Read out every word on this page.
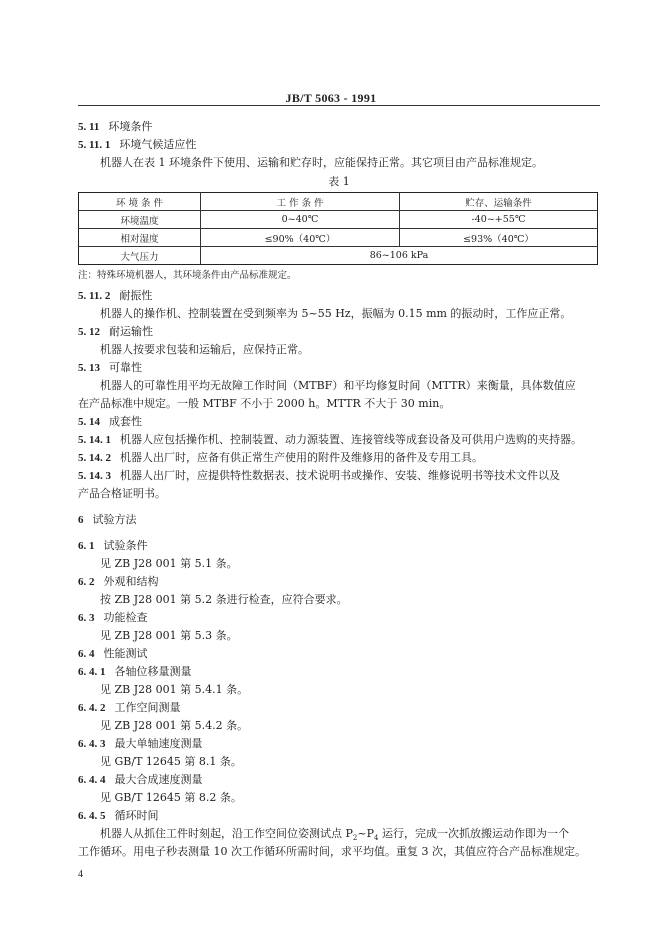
JB/T 5063 - 1991
5. 11 环境条件
5. 11. 1 环境气候适应性
机器人在表 1 环境条件下使用、运输和贮存时，应能保持正常。其它项目由产品标准规定。
表 1
环 境 条 件	工 作 条 件	贮存、运输条件
环境温度	0~40℃	-40~+55℃
相对湿度	≤90%（40℃）	≤93%（40℃）
大气压力	86~106 kPa	
注：特殊环境机器人，其环境条件由产品标准规定。
5. 11. 2 耐振性
机器人的操作机、控制装置在受到频率为 5~55 Hz，振幅为 0.15 mm 的振动时，工作应正常。
5. 12 耐运输性
机器人按要求包装和运输后，应保持正常。
5. 13 可靠性
机器人的可靠性用平均无故障工作时间（MTBF）和平均修复时间（MTTR）来衡量，具体数值应
在产品标准中规定。一般 MTBF 不小于 2000 h。MTTR 不大于 30 min。
5. 14 成套性
5. 14. 1 机器人应包括操作机、控制装置、动力源装置、连接管线等成套设备及可供用户选购的夹持器。
5. 14. 2 机器人出厂时，应备有供正常生产使用的附件及维修用的备件及专用工具。
5. 14. 3 机器人出厂时，应提供特性数据表、技术说明书或操作、安装、维修说明书等技术文件以及
产品合格证明书。
6 试验方法
6. 1 试验条件
见 ZB J28 001 第 5.1 条。
6. 2 外观和结构
按 ZB J28 001 第 5.2 条进行检查，应符合要求。
6. 3 功能检查
见 ZB J28 001 第 5.3 条。
6. 4 性能测试
6. 4. 1 各轴位移量测量
见 ZB J28 001 第 5.4.1 条。
6. 4. 2 工作空间测量
见 ZB J28 001 第 5.4.2 条。
6. 4. 3 最大单轴速度测量
见 GB/T 12645 第 8.1 条。
6. 4. 4 最大合成速度测量
见 GB/T 12645 第 8.2 条。
6. 4. 5 循环时间
机器人从抓住工件时刻起，沿工作空间位姿测试点 $P_2\sim P_4$ 运行，完成一次抓放搬运动作即为一个
工作循环。用电子秒表测量 10 次工作循环所需时间，求平均值。重复 3 次，其值应符合产品标准规定。
4
